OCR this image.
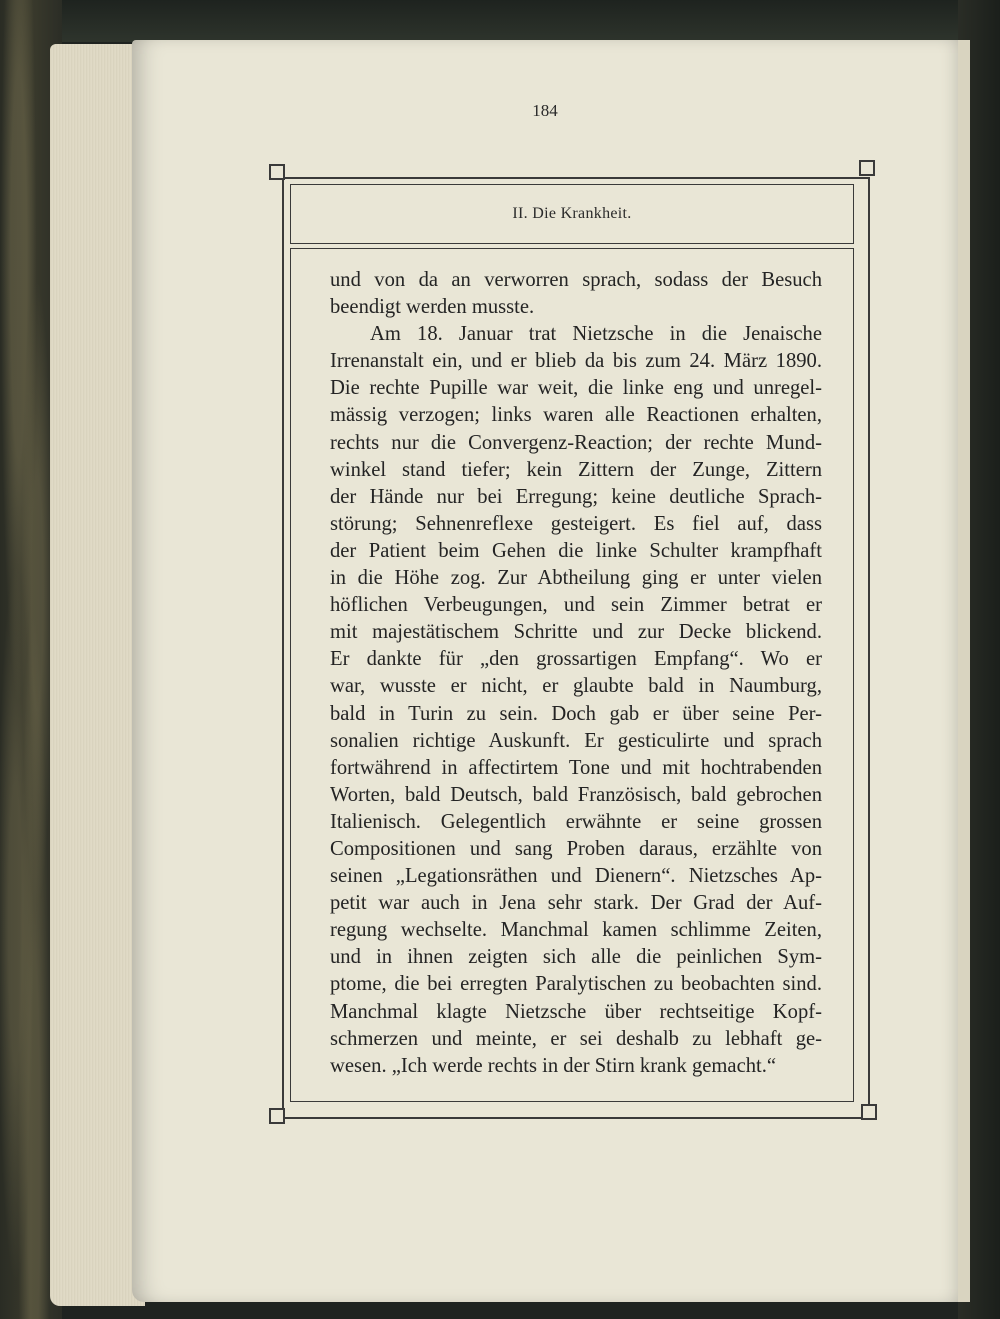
184
II. Die Krankheit.
und von da an verworren sprach, sodass der Besuch
beendigt werden musste.
Am 18. Januar trat Nietzsche in die Jenaische
Irrenanstalt ein, und er blieb da bis zum 24. März 1890.
Die rechte Pupille war weit, die linke eng und unregel-
mässig verzogen; links waren alle Reactionen erhalten,
rechts nur die Convergenz-Reaction; der rechte Mund-
winkel stand tiefer; kein Zittern der Zunge, Zittern
der Hände nur bei Erregung; keine deutliche Sprach-
störung; Sehnenreflexe gesteigert. Es fiel auf, dass
der Patient beim Gehen die linke Schulter krampfhaft
in die Höhe zog. Zur Abtheilung ging er unter vielen
höflichen Verbeugungen, und sein Zimmer betrat er
mit majestätischem Schritte und zur Decke blickend.
Er dankte für „den grossartigen Empfang“. Wo er
war, wusste er nicht, er glaubte bald in Naumburg,
bald in Turin zu sein. Doch gab er über seine Per-
sonalien richtige Auskunft. Er gesticulirte und sprach
fortwährend in affectirtem Tone und mit hochtrabenden
Worten, bald Deutsch, bald Französisch, bald gebrochen
Italienisch. Gelegentlich erwähnte er seine grossen
Compositionen und sang Proben daraus, erzählte von
seinen „Legationsräthen und Dienern“. Nietzsches Ap-
petit war auch in Jena sehr stark. Der Grad der Auf-
regung wechselte. Manchmal kamen schlimme Zeiten,
und in ihnen zeigten sich alle die peinlichen Sym-
ptome, die bei erregten Paralytischen zu beobachten sind.
Manchmal klagte Nietzsche über rechtseitige Kopf-
schmerzen und meinte, er sei deshalb zu lebhaft ge-
wesen. „Ich werde rechts in der Stirn krank gemacht.“
